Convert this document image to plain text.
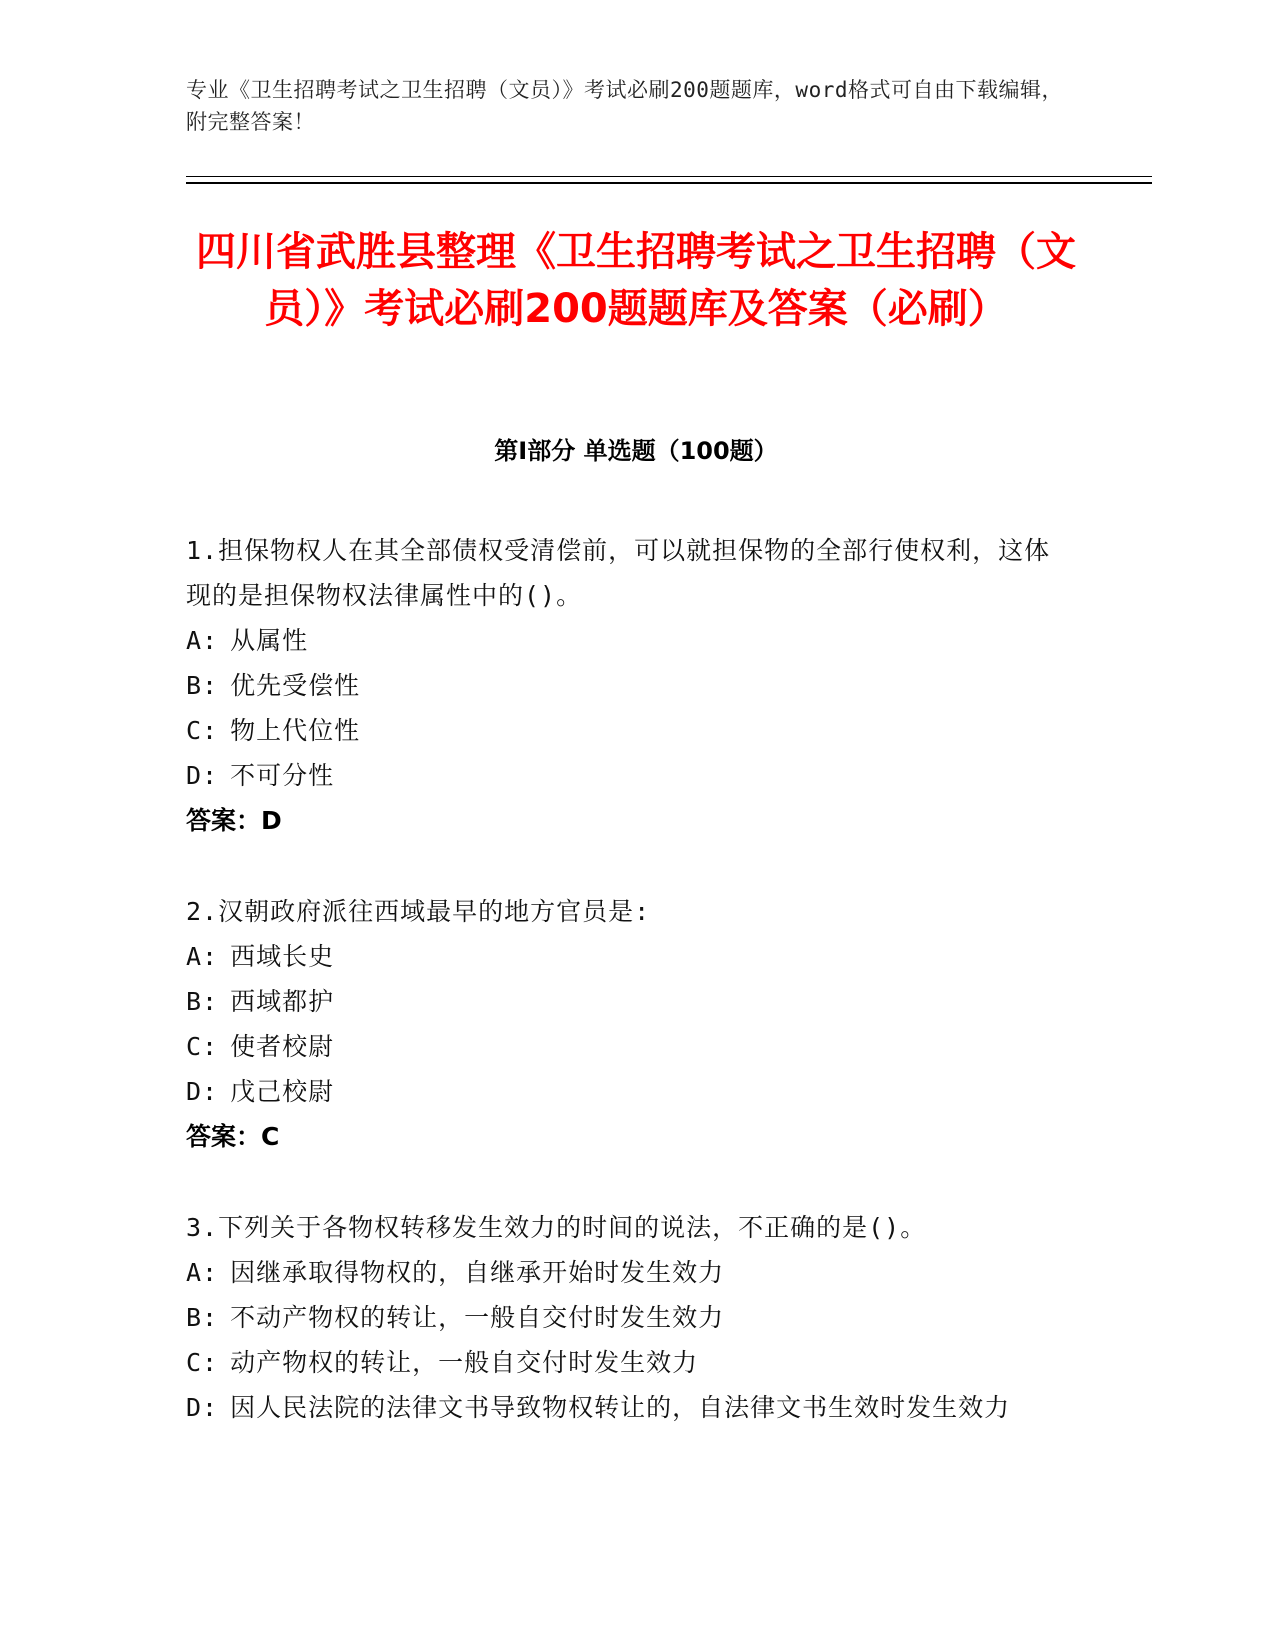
专业《卫生招聘考试之卫生招聘（文员）》考试必刷200题题库，word格式可自由下载编辑，附完整答案！
四川省武胜县整理《卫生招聘考试之卫生招聘（文员）》考试必刷200题题库及答案（必刷）
第I部分 单选题（100题）

1.担保物权人在其全部债权受清偿前，可以就担保物的全部行使权利，这体现的是担保物权法律属性中的()。

A: 从属性

B: 优先受偿性

C: 物上代位性

D: 不可分性

答案：D

2.汉朝政府派往西域最早的地方官员是:

A: 西域长史

B: 西域都护

C: 使者校尉

D: 戊己校尉

答案：C

3.下列关于各物权转移发生效力的时间的说法，不正确的是()。

A: 因继承取得物权的，自继承开始时发生效力

B: 不动产物权的转让，一般自交付时发生效力

C: 动产物权的转让，一般自交付时发生效力

D: 因人民法院的法律文书导致物权转让的，自法律文书生效时发生效力
